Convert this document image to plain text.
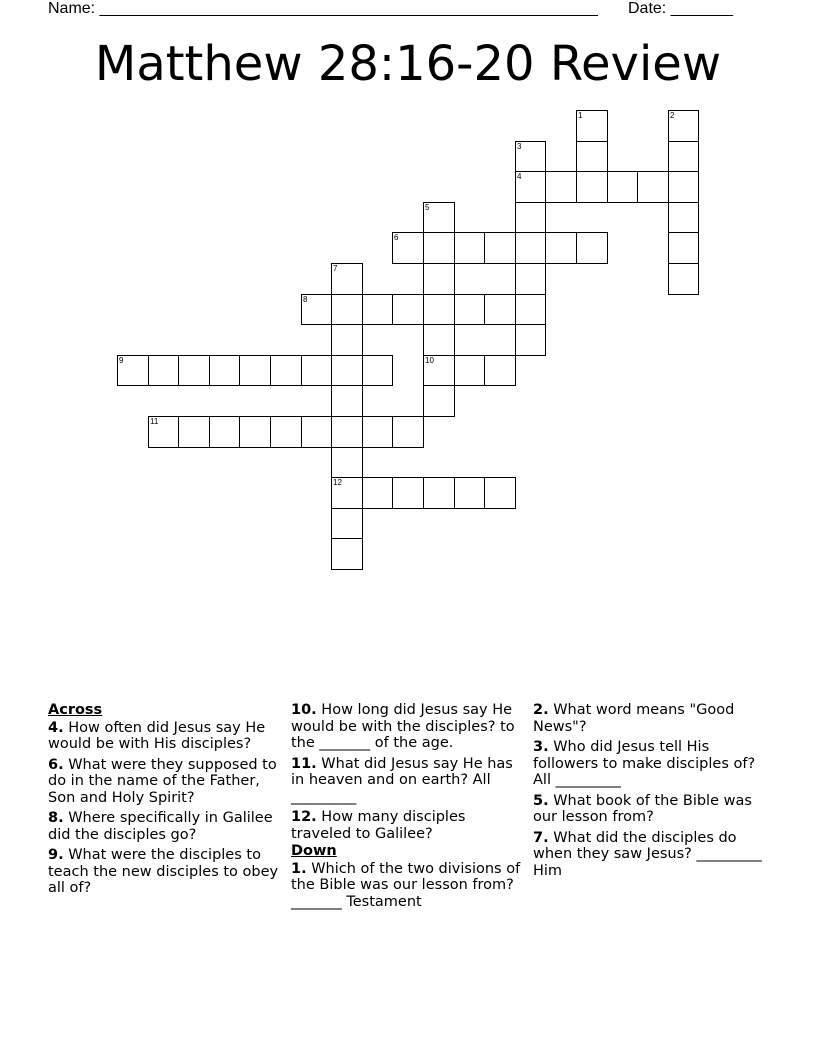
Name: ________________________________________________________ Date: _______
Matthew 28:16-20 Review
1	2
3
4
5
10
6
7
12
8
9
11
Across
4. How often did Jesus say He would be with His disciples?
6. What were they supposed to do in the name of the Father, Son and Holy Spirit?
8. Where specifically in Galilee did the disciples go?
9. What were the disciples to teach the new disciples to obey all of?
10. How long did Jesus say He would be with the disciples? to the _______ of the age.
11. What did Jesus say He has in heaven and on earth? All _________
12. How many disciples traveled to Galilee?
Down
1. Which of the two divisions of the Bible was our lesson from? _______ Testament
2. What word means "Good News"?
3. Who did Jesus tell His followers to make disciples of? All _________
5. What book of the Bible was our lesson from?
7. What did the disciples do when they saw Jesus? _________ Him
